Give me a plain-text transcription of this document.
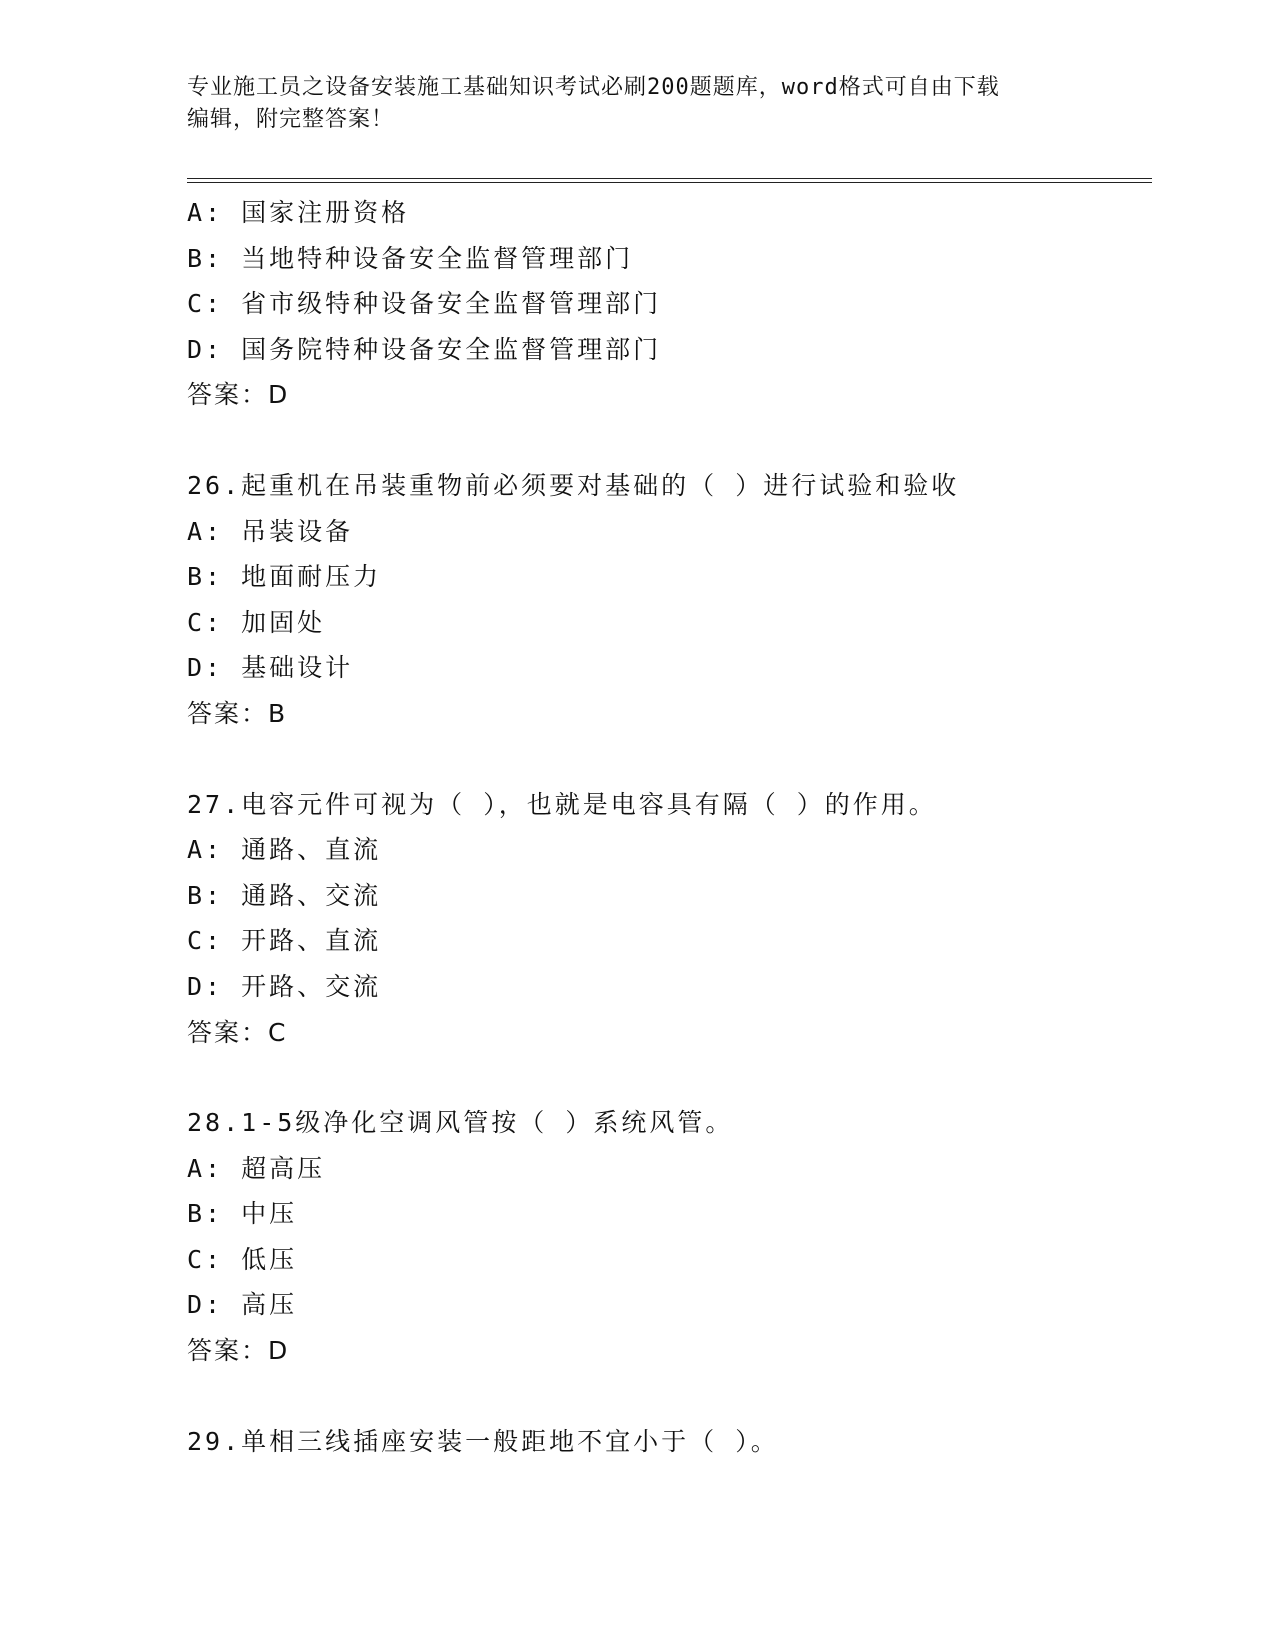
专业施工员之设备安装施工基础知识考试必刷200题题库，word格式可自由下载
编辑，附完整答案！
A: 国家注册资格
B: 当地特种设备安全监督管理部门
C: 省市级特种设备安全监督管理部门
D: 国务院特种设备安全监督管理部门
答案：D
26.起重机在吊装重物前必须要对基础的（ ）进行试验和验收
A: 吊装设备
B: 地面耐压力
C: 加固处
D: 基础设计
答案：B
27.电容元件可视为（ ），也就是电容具有隔（ ）的作用。
A: 通路、直流
B: 通路、交流
C: 开路、直流
D: 开路、交流
答案：C
28.1-5级净化空调风管按（ ）系统风管。
A: 超高压
B: 中压
C: 低压
D: 高压
答案：D
29.单相三线插座安装一般距地不宜小于（ ）。
